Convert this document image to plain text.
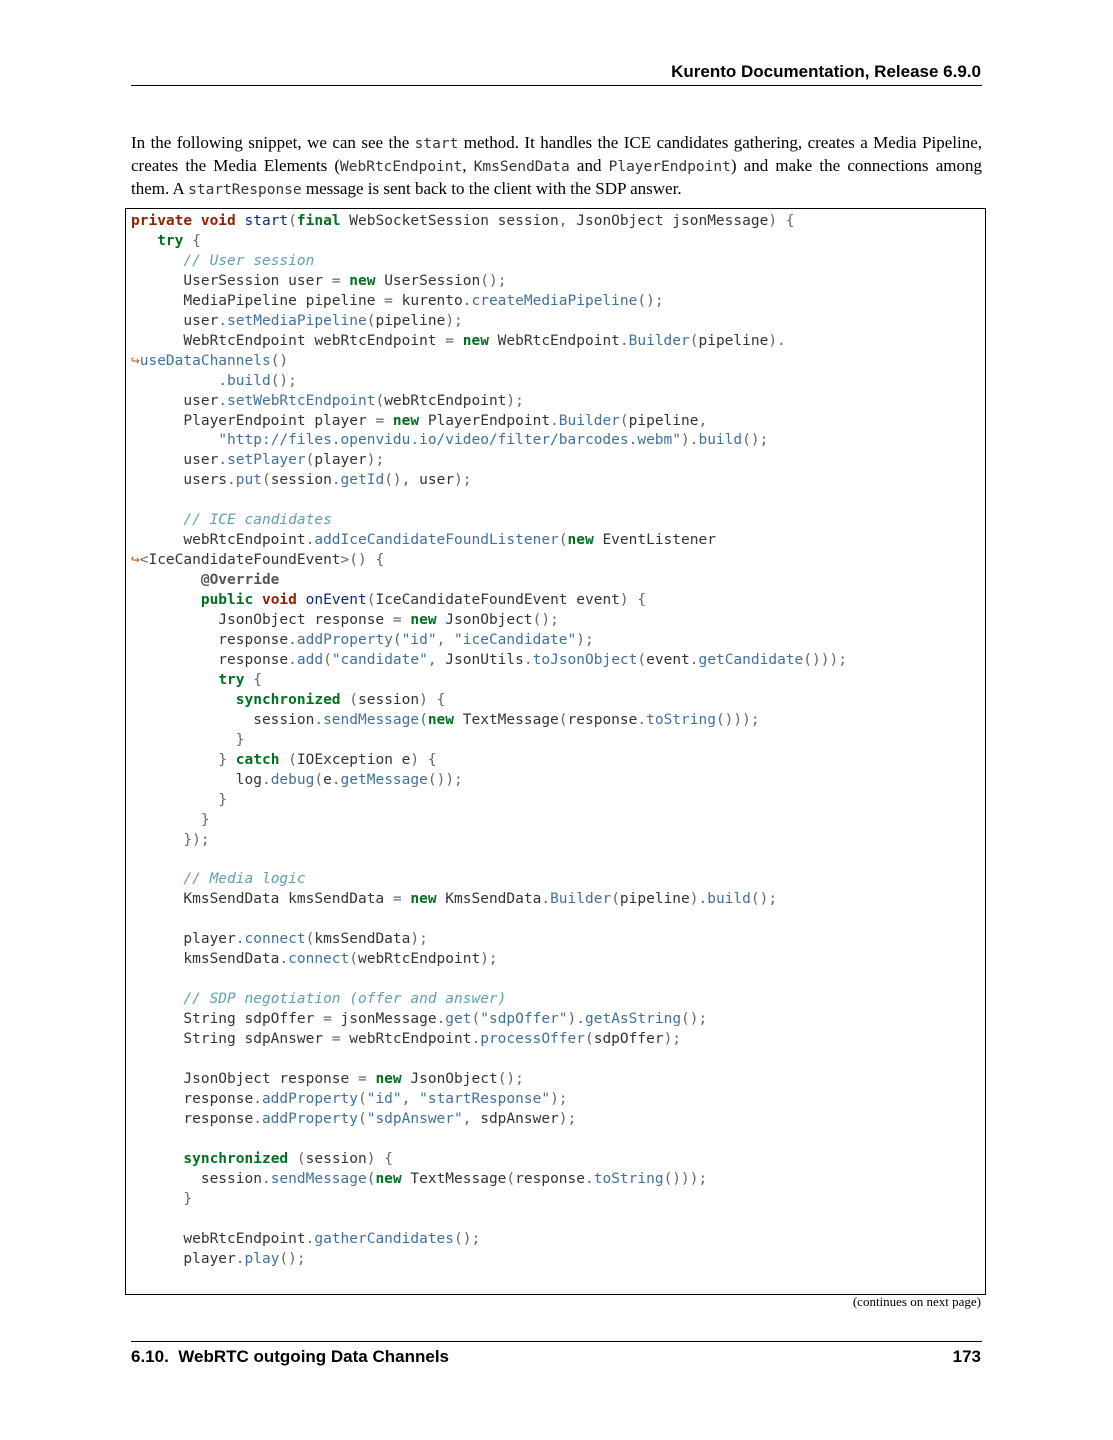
Kurento Documentation, Release 6.9.0

In the following snippet, we can see the start method. It handles the ICE candidates gathering, creates a Media Pipeline, creates the Media Elements (WebRtcEndpoint, KmsSendData and PlayerEndpoint) and make the connections among them. A startResponse message is sent back to the client with the SDP answer.

private void start(final WebSocketSession session, JsonObject jsonMessage) {
try {
// User session
UserSession user = new UserSession();
MediaPipeline pipeline = kurento.createMediaPipeline();
user.setMediaPipeline(pipeline);
WebRtcEndpoint webRtcEndpoint = new WebRtcEndpoint.Builder(pipeline).
↪useDataChannels()
.build();
user.setWebRtcEndpoint(webRtcEndpoint);
PlayerEndpoint player = new PlayerEndpoint.Builder(pipeline,
"http://files.openvidu.io/video/filter/barcodes.webm").build();
user.setPlayer(player);
users.put(session.getId(), user);

// ICE candidates
webRtcEndpoint.addIceCandidateFoundListener(new EventListener
↪<IceCandidateFoundEvent>() {
@Override
public void onEvent(IceCandidateFoundEvent event) {
JsonObject response = new JsonObject();
response.addProperty("id", "iceCandidate");
response.add("candidate", JsonUtils.toJsonObject(event.getCandidate()));
try {
synchronized (session) {
session.sendMessage(new TextMessage(response.toString()));
}
} catch (IOException e) {
log.debug(e.getMessage());
}
}
});

// Media logic
KmsSendData kmsSendData = new KmsSendData.Builder(pipeline).build();

player.connect(kmsSendData);
kmsSendData.connect(webRtcEndpoint);

// SDP negotiation (offer and answer)
String sdpOffer = jsonMessage.get("sdpOffer").getAsString();
String sdpAnswer = webRtcEndpoint.processOffer(sdpOffer);

JsonObject response = new JsonObject();
response.addProperty("id", "startResponse");
response.addProperty("sdpAnswer", sdpAnswer);

synchronized (session) {
session.sendMessage(new TextMessage(response.toString()));
}

webRtcEndpoint.gatherCandidates();
player.play();
(continues on next page)
6.10.  WebRTC outgoing Data Channels	173
